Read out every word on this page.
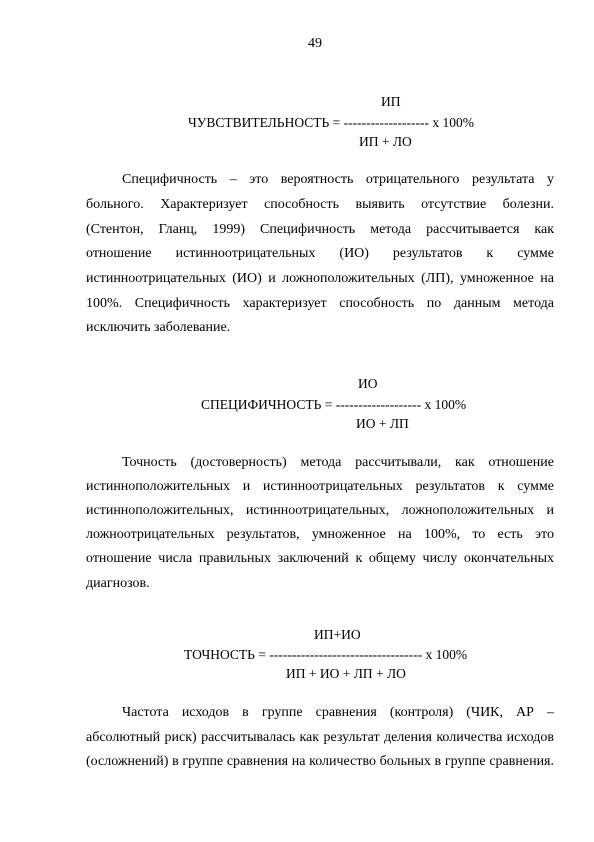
49
ИП
ЧУВСТВИТЕЛЬНОСТЬ = ------------------- х 100%
ИП + ЛО
Специфичность – это вероятность отрицательного результата у
больного. Характеризует способность выявить отсутствие болезни.
(Стентон, Гланц, 1999) Специфичность метода рассчитывается как
отношение истинноотрицательных (ИО) результатов к сумме
истинноотрицательных (ИО) и ложноположительных (ЛП), умноженное на
100%. Специфичность характеризует способность по данным метода
исключить заболевание.
ИО
СПЕЦИФИЧНОСТЬ = ------------------- х 100%
ИО + ЛП
Точность (достоверность) метода рассчитывали, как отношение
истинноположительных и истинноотрицательных результатов к сумме
истинноположительных, истинноотрицательных, ложноположительных и
ложноотрицательных результатов, умноженное на 100%, то есть это
отношение числа правильных заключений к общему числу окончательных
диагнозов.
ИП+ИО
ТОЧНОСТЬ = ---------------------------------- х 100%
ИП + ИО + ЛП + ЛО
Частота исходов в группе сравнения (контроля) (ЧИК, АР –
абсолютный риск) рассчитывалась как результат деления количества исходов
(осложнений) в группе сравнения на количество больных в группе сравнения.
